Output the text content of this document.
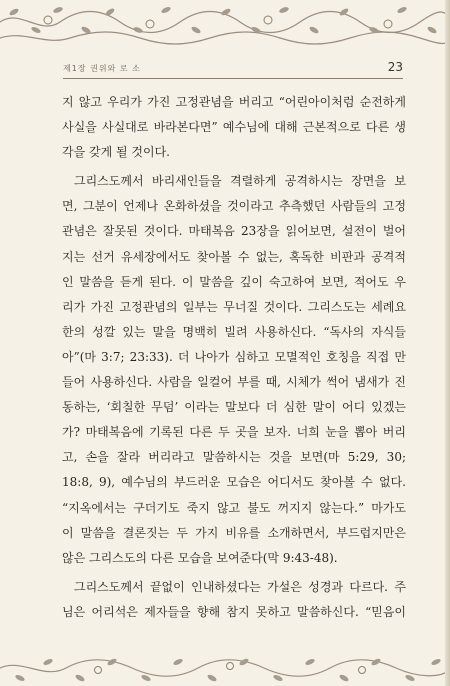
제1장 권위와 로 소	23
지 않고 우리가 가진 고정관념을 버리고 “어린아이처럼 순전하게
사실을 사실대로 바라본다면” 예수님에 대해 근본적으로 다른 생
각을 갖게 될 것이다.
그리스도께서 바리새인들을 격렬하게 공격하시는 장면을 보
면, 그분이 언제나 온화하셨을 것이라고 추측했던 사람들의 고정
관념은 잘못된 것이다. 마태복음 23장을 읽어보면, 설전이 벌어
지는 선거 유세장에서도 찾아볼 수 없는, 혹독한 비판과 공격적
인 말씀을 듣게 된다. 이 말씀을 깊이 숙고하여 보면, 적어도 우
리가 가진 고정관념의 일부는 무너질 것이다. 그리스도는 세례요
한의 성깔 있는 말을 명백히 빌려 사용하신다. “독사의 자식들
아”(마 3:7; 23:33). 더 나아가 심하고 모멸적인 호칭을 직접 만
들어 사용하신다. 사람을 일컬어 부를 때, 시체가 썩어 냄새가 진
동하는, ‘회칠한 무덤’ 이라는 말보다 더 심한 말이 어디 있겠는
가? 마태복음에 기록된 다른 두 곳을 보자. 너희 눈을 뽑아 버리
고, 손을 잘라 버리라고 말씀하시는 것을 보면(마 5:29, 30;
18:8, 9), 예수님의 부드러운 모습은 어디서도 찾아볼 수 없다.
“지옥에서는 구더기도 죽지 않고 불도 꺼지지 않는다.” 마가도
이 말씀을 결론짓는 두 가지 비유를 소개하면서, 부드럽지만은
않은 그리스도의 다른 모습을 보여준다(막 9:43-48).
그리스도께서 끝없이 인내하셨다는 가설은 성경과 다르다. 주
님은 어리석은 제자들을 향해 참지 못하고 말씀하신다. “믿음이
